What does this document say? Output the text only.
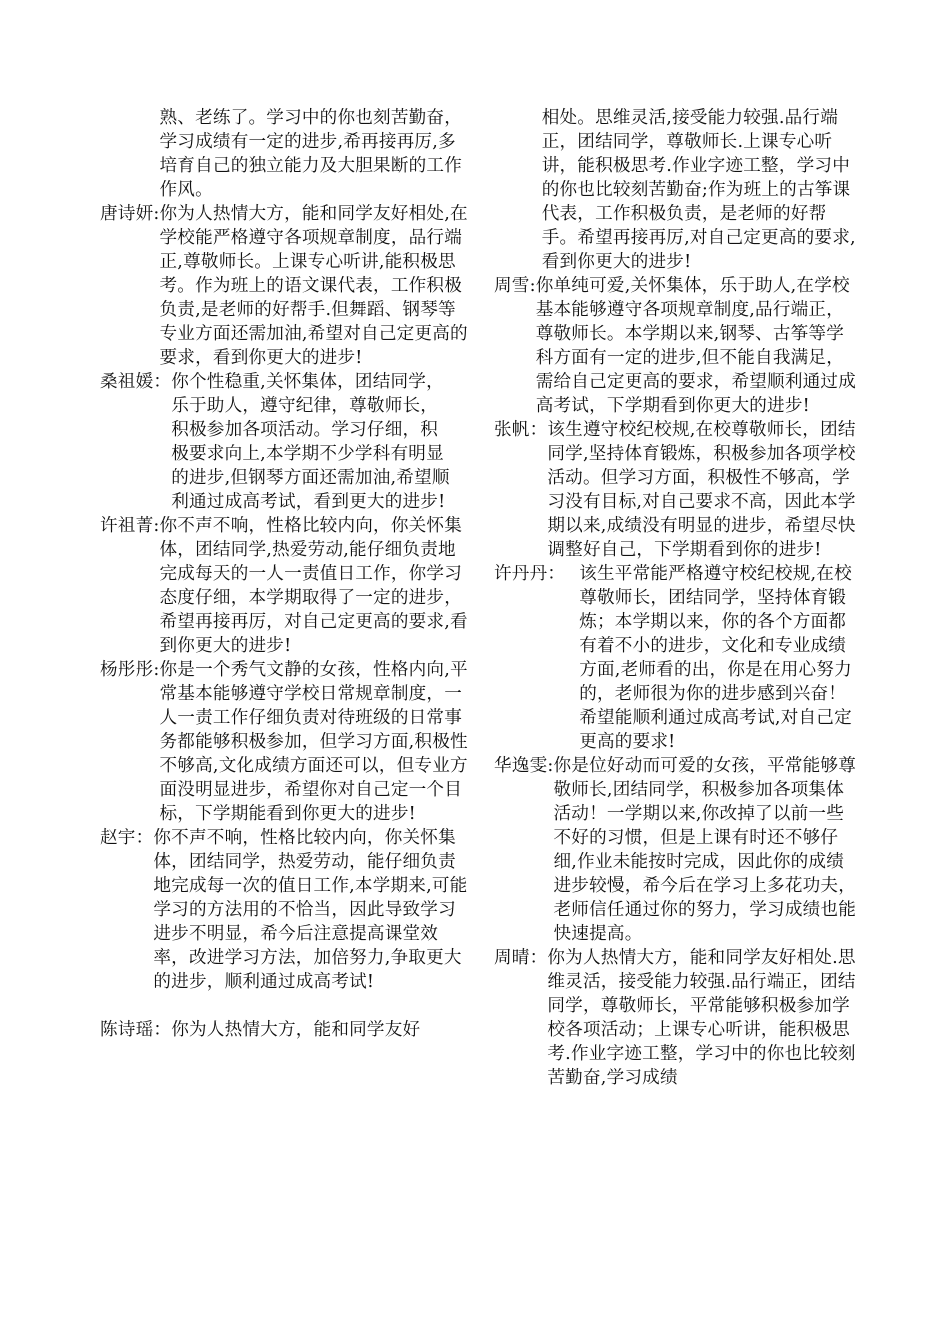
熟、老练了。学习中的你也刻苦勤奋，学习成绩有一定的进步,希再接再厉,多培育自己的独立能力及大胆果断的工作作风。
唐诗妍: 你为人热情大方，能和同学友好相处,在学校能严格遵守各项规章制度，品行端正,尊敬师长。上课专心听讲,能积极思考。作为班上的语文课代表，工作积极负责,是老师的好帮手.但舞蹈、钢琴等专业方面还需加油,希望对自己定更高的要求，看到你更大的进步!
桑祖媛： 你个性稳重,关怀集体，团结同学，乐于助人，遵守纪律，尊敬师长，积极参加各项活动。学习仔细，积极要求向上,本学期不少学科有明显的进步,但钢琴方面还需加油,希望顺利通过成高考试，看到更大的进步!
许祖菁: 你不声不响，性格比较内向，你关怀集体，团结同学,热爱劳动,能仔细负责地完成每天的一人一责值日工作，你学习态度仔细，本学期取得了一定的进步，希望再接再厉，对自己定更高的要求,看到你更大的进步!
杨彤彤: 你是一个秀气文静的女孩，性格内向,平常基本能够遵守学校日常规章制度，一人一责工作仔细负责对待班级的日常事务都能够积极参加，但学习方面,积极性不够高,文化成绩方面还可以，但专业方面没明显进步，希望你对自己定一个目标，下学期能看到你更大的进步!
赵宇： 你不声不响，性格比较内向，你关怀集体，团结同学，热爱劳动，能仔细负责地完成每一次的值日工作,本学期来,可能学习的方法用的不恰当，因此导致学习进步不明显，希今后注意提高课堂效率，改进学习方法，加倍努力,争取更大的进步，顺利通过成高考试!
陈诗瑶： 你为人热情大方，能和同学友好
相处。思维灵活,接受能力较强.品行端正，团结同学，尊敬师长.上课专心听讲，能积极思考.作业字迹工整，学习中的你也比较刻苦勤奋;作为班上的古筝课代表，工作积极负责，是老师的好帮手。希望再接再厉,对自己定更高的要求,看到你更大的进步!
周雪: 你单纯可爱,关怀集体，乐于助人,在学校基本能够遵守各项规章制度,品行端正，尊敬师长。本学期以来,钢琴、古筝等学科方面有一定的进步,但不能自我满足，需给自己定更高的要求，希望顺利通过成高考试，下学期看到你更大的进步!
张帆： 该生遵守校纪校规,在校尊敬师长，团结同学,坚持体育锻炼，积极参加各项学校活动。但学习方面，积极性不够高，学习没有目标,对自己要求不高，因此本学期以来,成绩没有明显的进步，希望尽快调整好自己，下学期看到你的进步!
许丹丹： 该生平常能严格遵守校纪校规,在校尊敬师长，团结同学，坚持体育锻炼；本学期以来，你的各个方面都有着不小的进步，文化和专业成绩方面,老师看的出，你是在用心努力的，老师很为你的进步感到兴奋！希望能顺利通过成高考试,对自己定更高的要求!
华逸雯: 你是位好动而可爱的女孩，平常能够尊敬师长,团结同学，积极参加各项集体活动！一学期以来,你改掉了以前一些不好的习惯，但是上课有时还不够仔细,作业未能按时完成，因此你的成绩进步较慢，希今后在学习上多花功夫，老师信任通过你的努力，学习成绩也能快速提高。
周晴： 你为人热情大方，能和同学友好相处.思维灵活，接受能力较强.品行端正，团结同学，尊敬师长，平常能够积极参加学校各项活动；上课专心听讲，能积极思考.作业字迹工整，学习中的你也比较刻苦勤奋,学习成绩
